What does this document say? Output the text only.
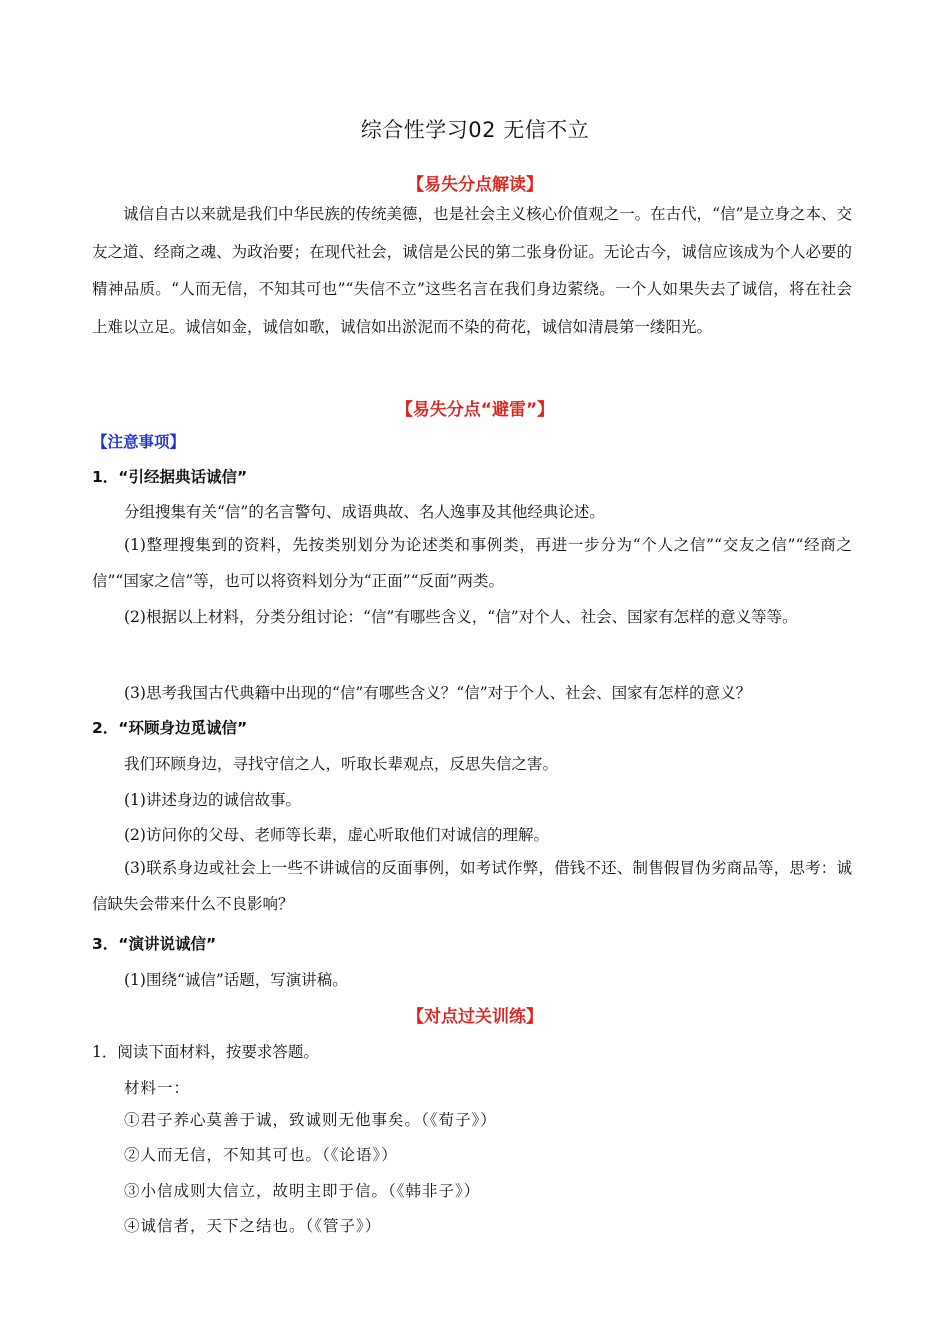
综合性学习02 无信不立
【易失分点解读】
诚信自古以来就是我们中华民族的传统美德，也是社会主义核心价值观之一。在古代，“信”是立身之本、交友之道、经商之魂、为政治要；在现代社会，诚信是公民的第二张身份证。无论古今，诚信应该成为个人必要的精神品质。“人而无信，不知其可也”“失信不立”这些名言在我们身边萦绕。一个人如果失去了诚信，将在社会上难以立足。诚信如金，诚信如歌，诚信如出淤泥而不染的荷花，诚信如清晨第一缕阳光。
【易失分点“避雷”】
【注意事项】
1．“引经据典话诚信”
分组搜集有关“信”的名言警句、成语典故、名人逸事及其他经典论述。
(1)整理搜集到的资料，先按类别划分为论述类和事例类，再进一步分为“个人之信”“交友之信”“经商之信”“国家之信”等，也可以将资料划分为“正面”“反面”两类。
(2)根据以上材料，分类分组讨论：“信”有哪些含义，“信”对个人、社会、国家有怎样的意义等等。
(3)思考我国古代典籍中出现的“信”有哪些含义？“信”对于个人、社会、国家有怎样的意义？
2．“环顾身边觅诚信”
我们环顾身边，寻找守信之人，听取长辈观点，反思失信之害。
(1)讲述身边的诚信故事。
(2)访问你的父母、老师等长辈，虚心听取他们对诚信的理解。
(3)联系身边或社会上一些不讲诚信的反面事例，如考试作弊，借钱不还、制售假冒伪劣商品等，思考：诚信缺失会带来什么不良影响？
3．“演讲说诚信”
(1)围绕“诚信”话题，写演讲稿。
【对点过关训练】
1．阅读下面材料，按要求答题。
材料一：
①君子养心莫善于诚，致诚则无他事矣。（《荀子》）
②人而无信，不知其可也。（《论语》）
③小信成则大信立，故明主即于信。（《韩非子》）
④诚信者，天下之结也。（《管子》）
